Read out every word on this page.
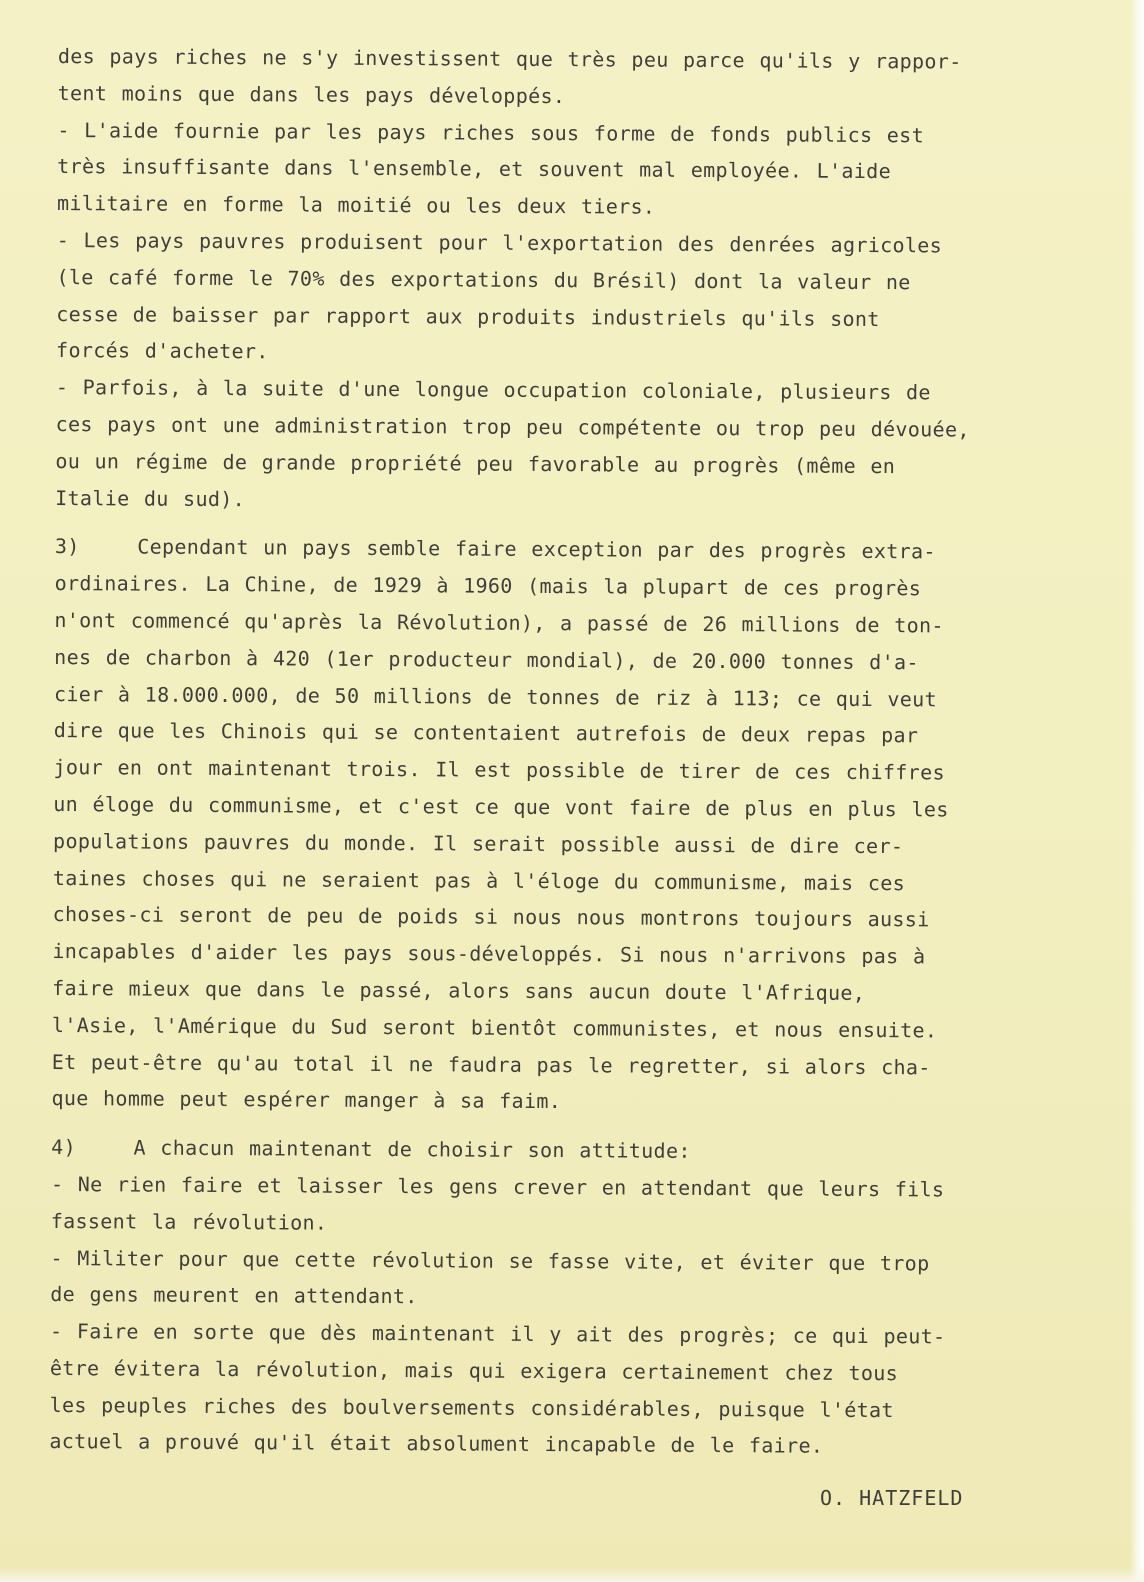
des pays riches ne s'y investissent que très peu parce qu'ils y rappor-
tent moins que dans les pays développés.
- L'aide fournie par les pays riches sous forme de fonds publics est
très insuffisante dans l'ensemble, et souvent mal employée. L'aide
militaire en forme la moitié ou les deux tiers.
- Les pays pauvres produisent pour l'exportation des denrées agricoles
(le café forme le 70% des exportations du Brésil) dont la valeur ne
cesse de baisser par rapport aux produits industriels qu'ils sont
forcés d'acheter.
- Parfois, à la suite d'une longue occupation coloniale, plusieurs de
ces pays ont une administration trop peu compétente ou trop peu dévouée,
ou un régime de grande propriété peu favorable au progrès (même en
Italie du sud).
3)    Cependant un pays semble faire exception par des progrès extra-
ordinaires. La Chine, de 1929 à 1960 (mais la plupart de ces progrès
n'ont commencé qu'après la Révolution), a passé de 26 millions de ton-
nes de charbon à 420 (1er producteur mondial), de 20.000 tonnes d'a-
cier à 18.000.000, de 50 millions de tonnes de riz à 113; ce qui veut
dire que les Chinois qui se contentaient autrefois de deux repas par
jour en ont maintenant trois. Il est possible de tirer de ces chiffres
un éloge du communisme, et c'est ce que vont faire de plus en plus les
populations pauvres du monde. Il serait possible aussi de dire cer-
taines choses qui ne seraient pas à l'éloge du communisme, mais ces
choses-ci seront de peu de poids si nous nous montrons toujours aussi
incapables d'aider les pays sous-développés. Si nous n'arrivons pas à
faire mieux que dans le passé, alors sans aucun doute l'Afrique,
l'Asie, l'Amérique du Sud seront bientôt communistes, et nous ensuite.
Et peut-être qu'au total il ne faudra pas le regretter, si alors cha-
que homme peut espérer manger à sa faim.
4)    A chacun maintenant de choisir son attitude:
- Ne rien faire et laisser les gens crever en attendant que leurs fils
fassent la révolution.
- Militer pour que cette révolution se fasse vite, et éviter que trop
de gens meurent en attendant.
- Faire en sorte que dès maintenant il y ait des progrès; ce qui peut-
être évitera la révolution, mais qui exigera certainement chez tous
les peuples riches des boulversements considérables, puisque l'état
actuel a prouvé qu'il était absolument incapable de le faire.
O. HATZFELD
